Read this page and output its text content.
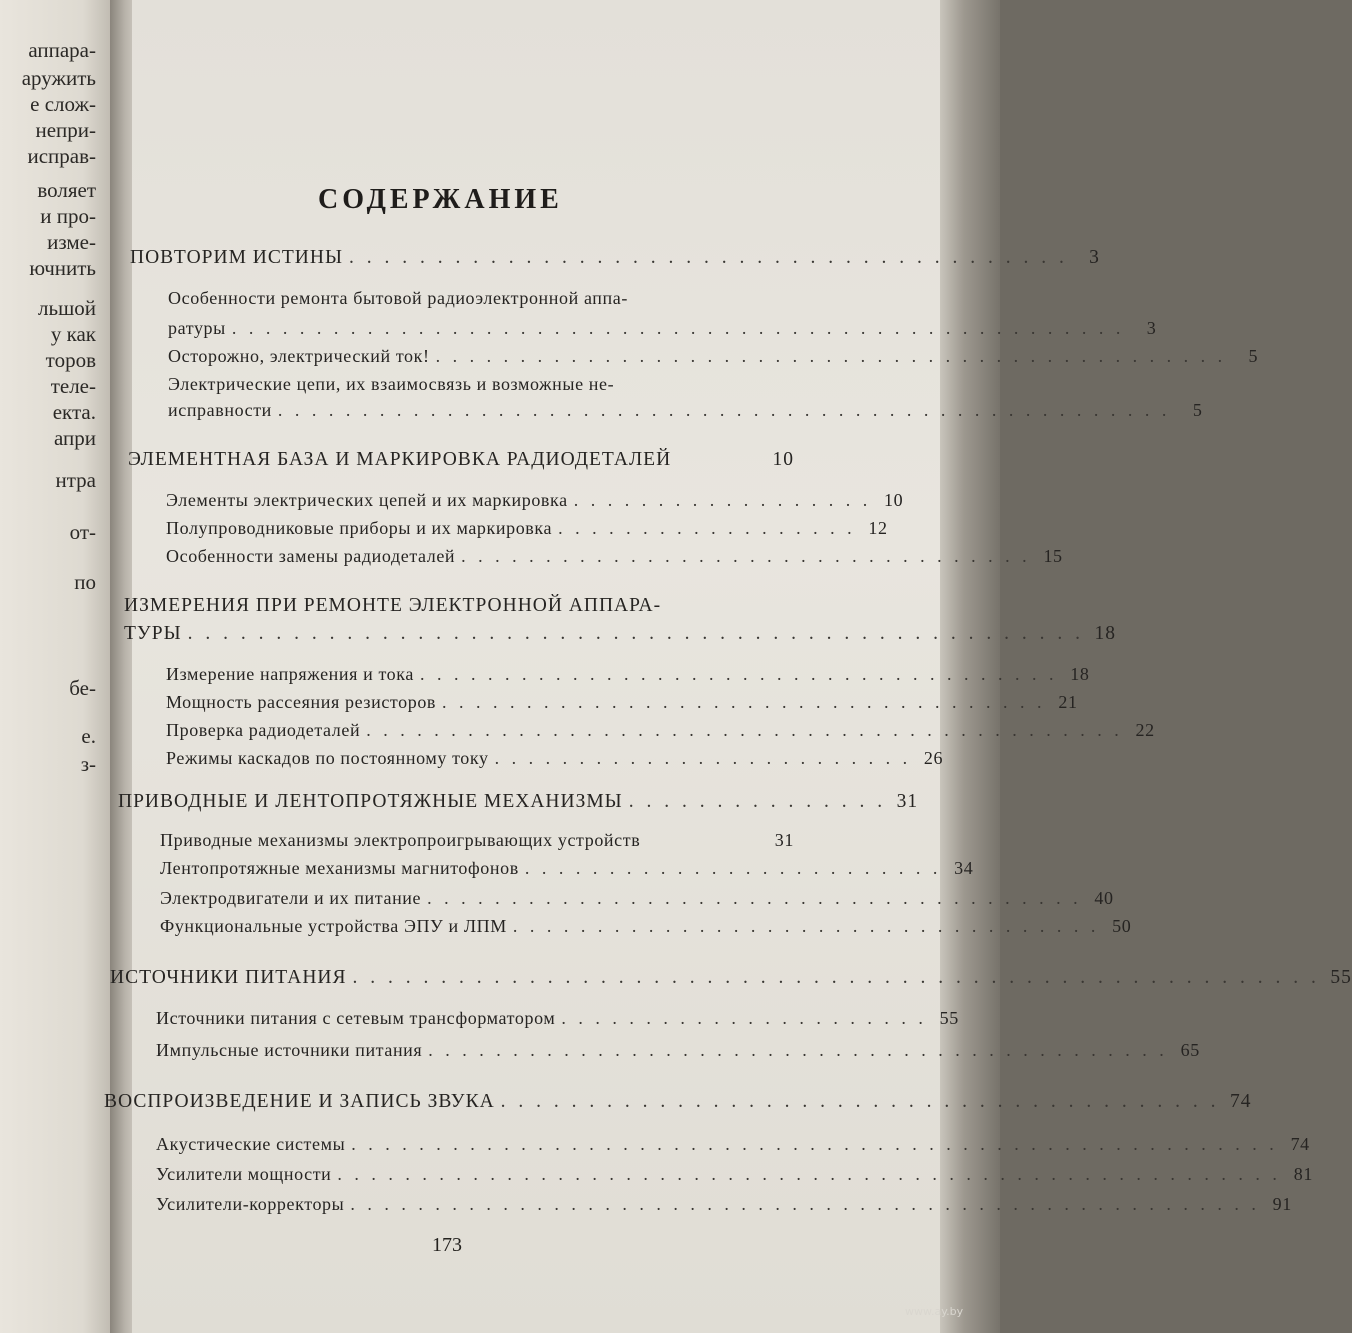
аппара-
аружить
е слож-
непри-
исправ-
воляет
и про-
изме-
ючнить
льшой
у как
торов
теле-
екта.
апри
нтра
от-
по
бе-
е.
з-
СОДЕРЖАНИЕ
ПОВТОРИМ ИСТИНЫ . . . . . . . . . . . . . . . . . . . . . . . . . . . . . . . . . . . . . . . . .	3
Особенности ремонта бытовой радиоэлектронной аппа-
ратуры . . . . . . . . . . . . . . . . . . . . . . . . . . . . . . . . . . . . . . . . . . . . . . . . . . . . .	3
Осторожно, электрический ток! . . . . . . . . . . . . . . . . . . . . . . . . . . . . . . . . . . . . . . . . . . . . . . .	5
Электрические цепи, их взаимосвязь и возможные не-
исправности . . . . . . . . . . . . . . . . . . . . . . . . . . . . . . . . . . . . . . . . . . . . . . . . . . . . .	5
ЭЛЕМЕНТНАЯ БАЗА И МАРКИРОВКА РАДИОДЕТАЛЕЙ	10
Элементы электрических цепей и их маркировка . . . . . . . . . . . . . . . . . . 10
Полупроводниковые приборы и их маркировка . . . . . . . . . . . . . . . . . . 12
Особенности замены радиодеталей . . . . . . . . . . . . . . . . . . . . . . . . . . . . . . . . . . 15
ИЗМЕРЕНИЯ ПРИ РЕМОНТЕ ЭЛЕКТРОННОЙ АППАРА-
ТУРЫ . . . . . . . . . . . . . . . . . . . . . . . . . . . . . . . . . . . . . . . . . . . . . . . . . . . 18
Измерение напряжения и тока . . . . . . . . . . . . . . . . . . . . . . . . . . . . . . . . . . . . . . 18
Мощность рассеяния резисторов . . . . . . . . . . . . . . . . . . . . . . . . . . . . . . . . . . . . 21
Проверка радиодеталей . . . . . . . . . . . . . . . . . . . . . . . . . . . . . . . . . . . . . . . . . . . . . 22
Режимы каскадов по постоянному току . . . . . . . . . . . . . . . . . . . . . . . . . 26
ПРИВОДНЫЕ И ЛЕНТОПРОТЯЖНЫЕ МЕХАНИЗМЫ . . . . . . . . . . . . . . . 31
Приводные механизмы электропроигрывающих устройств	31
Лентопротяжные механизмы магнитофонов . . . . . . . . . . . . . . . . . . . . . . . . . 34
Электродвигатели и их питание . . . . . . . . . . . . . . . . . . . . . . . . . . . . . . . . . . . . . . . 40
Функциональные устройства ЭПУ и ЛПМ . . . . . . . . . . . . . . . . . . . . . . . . . . . . . . . . . . . 50
ИСТОЧНИКИ ПИТАНИЯ . . . . . . . . . . . . . . . . . . . . . . . . . . . . . . . . . . . . . . . . . . . . . . . . . . . . . . . 55
Источники питания с сетевым трансформатором . . . . . . . . . . . . . . . . . . . . . . 55
Импульсные источники питания . . . . . . . . . . . . . . . . . . . . . . . . . . . . . . . . . . . . . . . . . . . . 65
ВОСПРОИЗВЕДЕНИЕ И ЗАПИСЬ ЗВУКА . . . . . . . . . . . . . . . . . . . . . . . . . . . . . . . . . . . . . . . . . 74
Акустические системы . . . . . . . . . . . . . . . . . . . . . . . . . . . . . . . . . . . . . . . . . . . . . . . . . . . . . . . 74
Усилители мощности . . . . . . . . . . . . . . . . . . . . . . . . . . . . . . . . . . . . . . . . . . . . . . . . . . . . . . . . 81
Усилители-корректоры . . . . . . . . . . . . . . . . . . . . . . . . . . . . . . . . . . . . . . . . . . . . . . . . . . . . . . 91
173
www.ay.by
